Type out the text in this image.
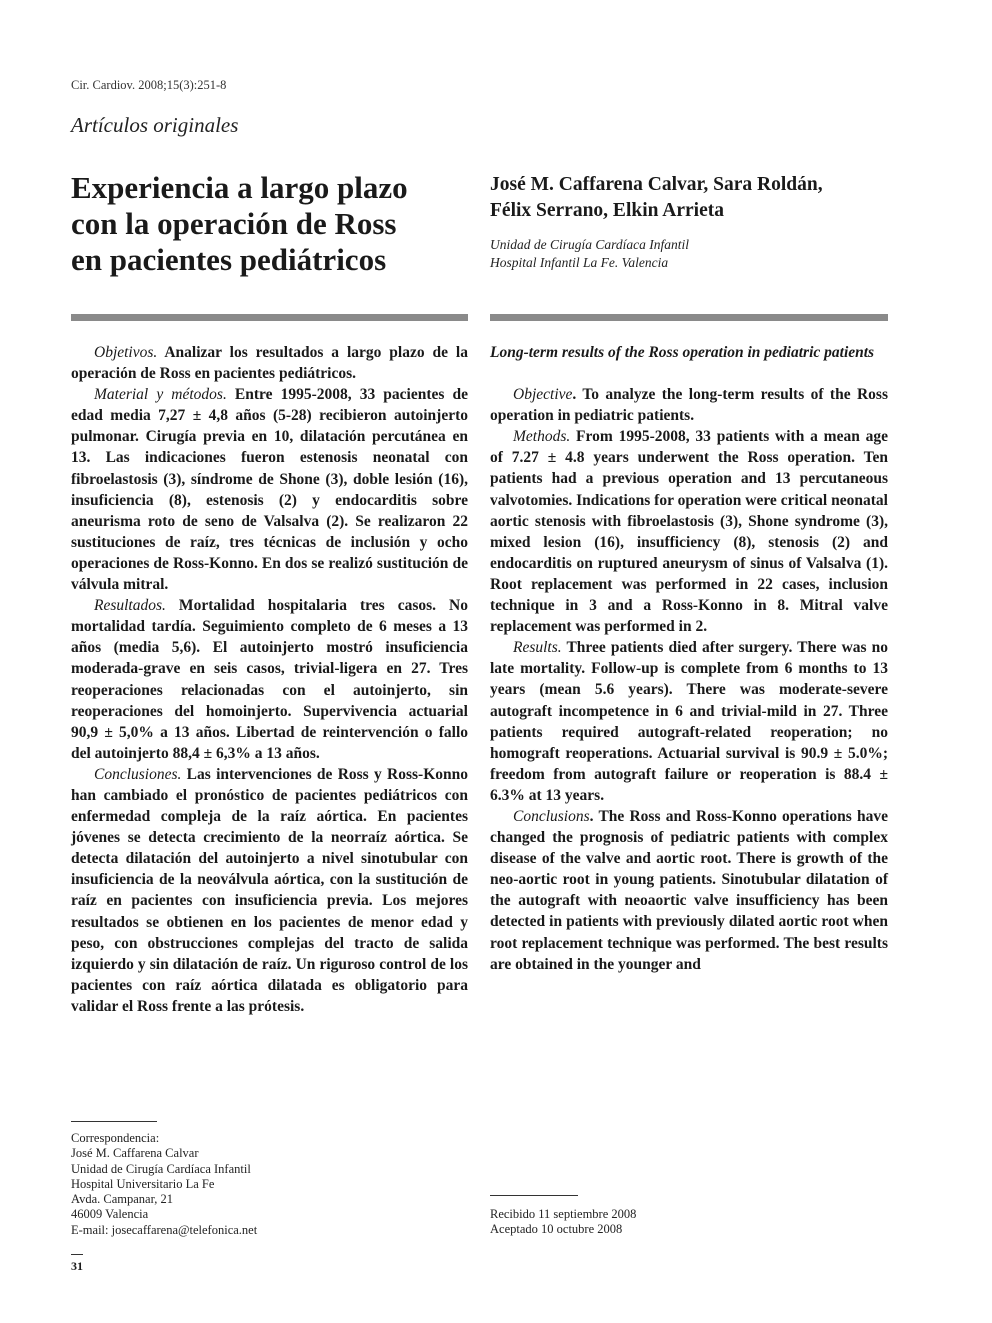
Cir. Cardiov. 2008;15(3):251-8
Artículos originales
Experiencia a largo plazo
con la operación de Ross
en pacientes pediátricos
José M. Caffarena Calvar, Sara Roldán,
Félix Serrano, Elkin Arrieta
Unidad de Cirugía Cardíaca Infantil
Hospital Infantil La Fe. Valencia

Objetivos. Analizar los resultados a largo plazo de la operación de Ross en pacientes pediátricos.

Material y métodos. Entre 1995-2008, 33 pacientes de edad media 7,27 ± 4,8 años (5-28) recibieron autoinjerto pulmonar. Cirugía previa en 10, dilatación percutánea en 13. Las indicaciones fueron estenosis neonatal con fibroelastosis (3), síndrome de Shone (3), doble lesión (16), insuficiencia (8), estenosis (2) y endocarditis sobre aneurisma roto de seno de Valsalva (2). Se realizaron 22 sustituciones de raíz, tres técnicas de inclusión y ocho operaciones de Ross-Konno. En dos se realizó sustitución de válvula mitral.

Resultados. Mortalidad hospitalaria tres casos. No mortalidad tardía. Seguimiento completo de 6 meses a 13 años (media 5,6). El autoinjerto mostró insuficiencia moderada-grave en seis casos, trivial-ligera en 27. Tres reoperaciones relacionadas con el autoinjerto, sin reoperaciones del homoinjerto. Supervivencia actuarial 90,9 ± 5,0% a 13 años. Libertad de reintervención o fallo del autoinjerto 88,4 ± 6,3% a 13 años.

Conclusiones. Las intervenciones de Ross y Ross-Konno han cambiado el pronóstico de pacientes pediátricos con enfermedad compleja de la raíz aórtica. En pacientes jóvenes se detecta crecimiento de la neorraíz aórtica. Se detecta dilatación del autoinjerto a nivel sinotubular con insuficiencia de la neoválvula aórtica, con la sustitución de raíz en pacientes con insuficiencia previa. Los mejores resultados se obtienen en los pacientes de menor edad y peso, con obstrucciones complejas del tracto de salida izquierdo y sin dilatación de raíz. Un riguroso control de los pacientes con raíz aórtica dilatada es obligatorio para validar el Ross frente a las prótesis.

Long-term results of the Ross operation in pediatric patients

Objective. To analyze the long-term results of the Ross operation in pediatric patients.

Methods. From 1995-2008, 33 patients with a mean age of 7.27 ± 4.8 years underwent the Ross operation. Ten patients had a previous operation and 13 percutaneous valvotomies. Indications for operation were critical neonatal aortic stenosis with fibroelastosis (3), Shone syndrome (3), mixed lesion (16), insufficiency (8), stenosis (2) and endocarditis on ruptured aneurysm of sinus of Valsalva (1). Root replacement was performed in 22 cases, inclusion technique in 3 and a Ross-Konno in 8. Mitral valve replacement was performed in 2.

Results. Three patients died after surgery. There was no late mortality. Follow-up is complete from 6 months to 13 years (mean 5.6 years). There was moderate-severe autograft incompetence in 6 and trivial-mild in 27. Three patients required autograft-related reoperation; no homograft reoperations. Actuarial survival is 90.9 ± 5.0%; freedom from autograft failure or reoperation is 88.4 ± 6.3% at 13 years.

Conclusions. The Ross and Ross-Konno operations have changed the prognosis of pediatric patients with complex disease of the valve and aortic root. There is growth of the neo-aortic root in young patients. Sinotubular dilatation of the autograft with neoaortic valve insufficiency has been detected in patients with previously dilated aortic root when root replacement technique was performed. The best results are obtained in the younger and

Correspondencia:
José M. Caffarena Calvar
Unidad de Cirugía Cardíaca Infantil
Hospital Universitario La Fe
Avda. Campanar, 21
46009 Valencia
E-mail: josecaffarena@telefonica.net
Recibido 11 septiembre 2008
Aceptado 10 octubre 2008
31
